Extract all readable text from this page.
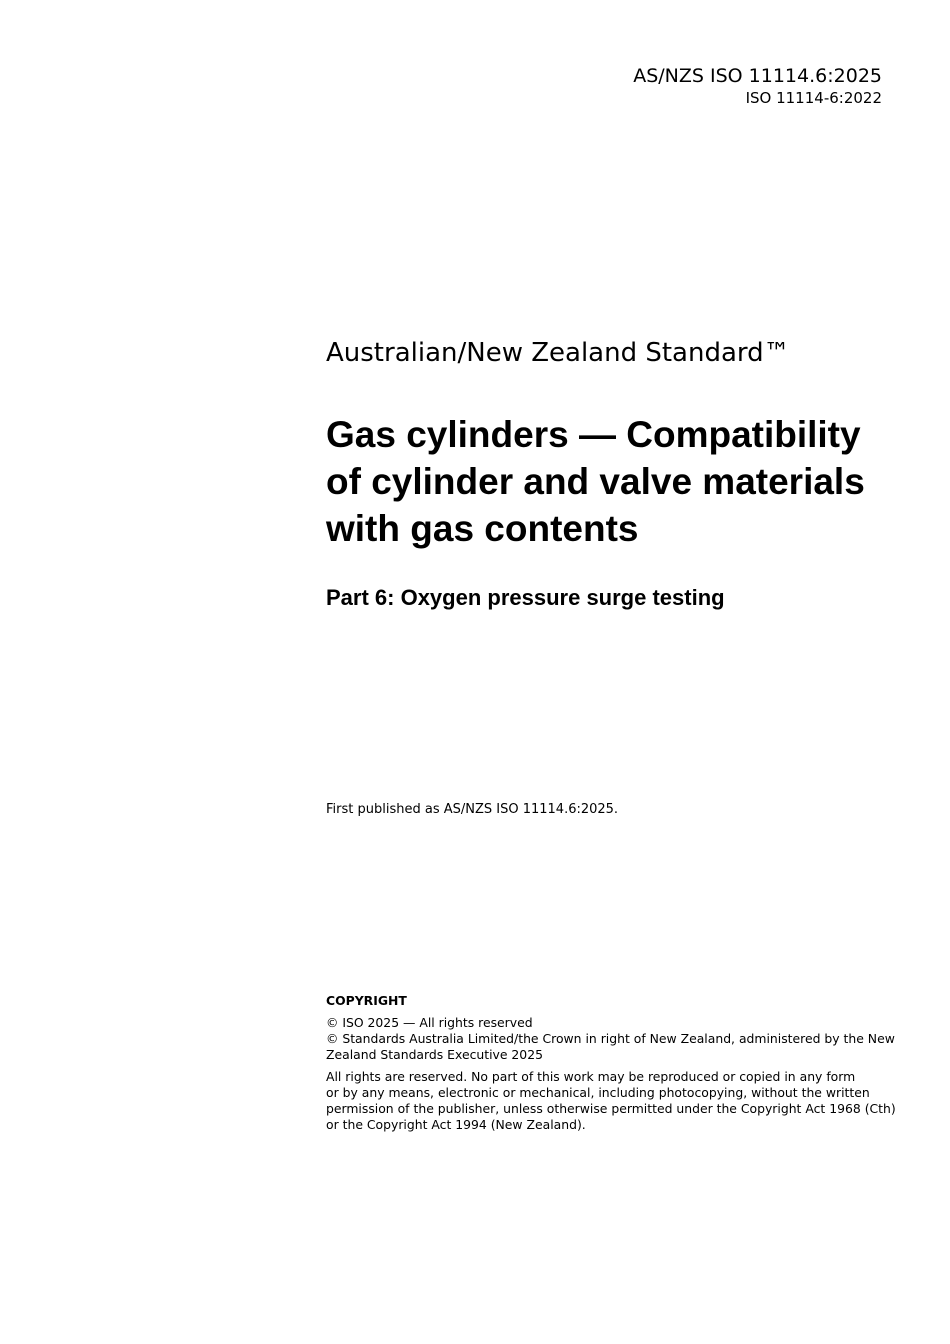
AS/NZS ISO 11114.6:2025
ISO 11114-6:2022
Australian/New Zealand Standard™
Gas cylinders — Compatibility
of cylinder and valve materials
with gas contents
Part 6: Oxygen pressure surge testing
First published as AS/NZS ISO 11114.6:2025.
COPYRIGHT
© ISO 2025 — All rights reserved
© Standards Australia Limited/the Crown in right of New Zealand, administered by the New
Zealand Standards Executive 2025
All rights are reserved. No part of this work may be reproduced or copied in any form
or by any means, electronic or mechanical, including photocopying, without the written
permission of the publisher, unless otherwise permitted under the Copyright Act 1968 (Cth)
or the Copyright Act 1994 (New Zealand).
